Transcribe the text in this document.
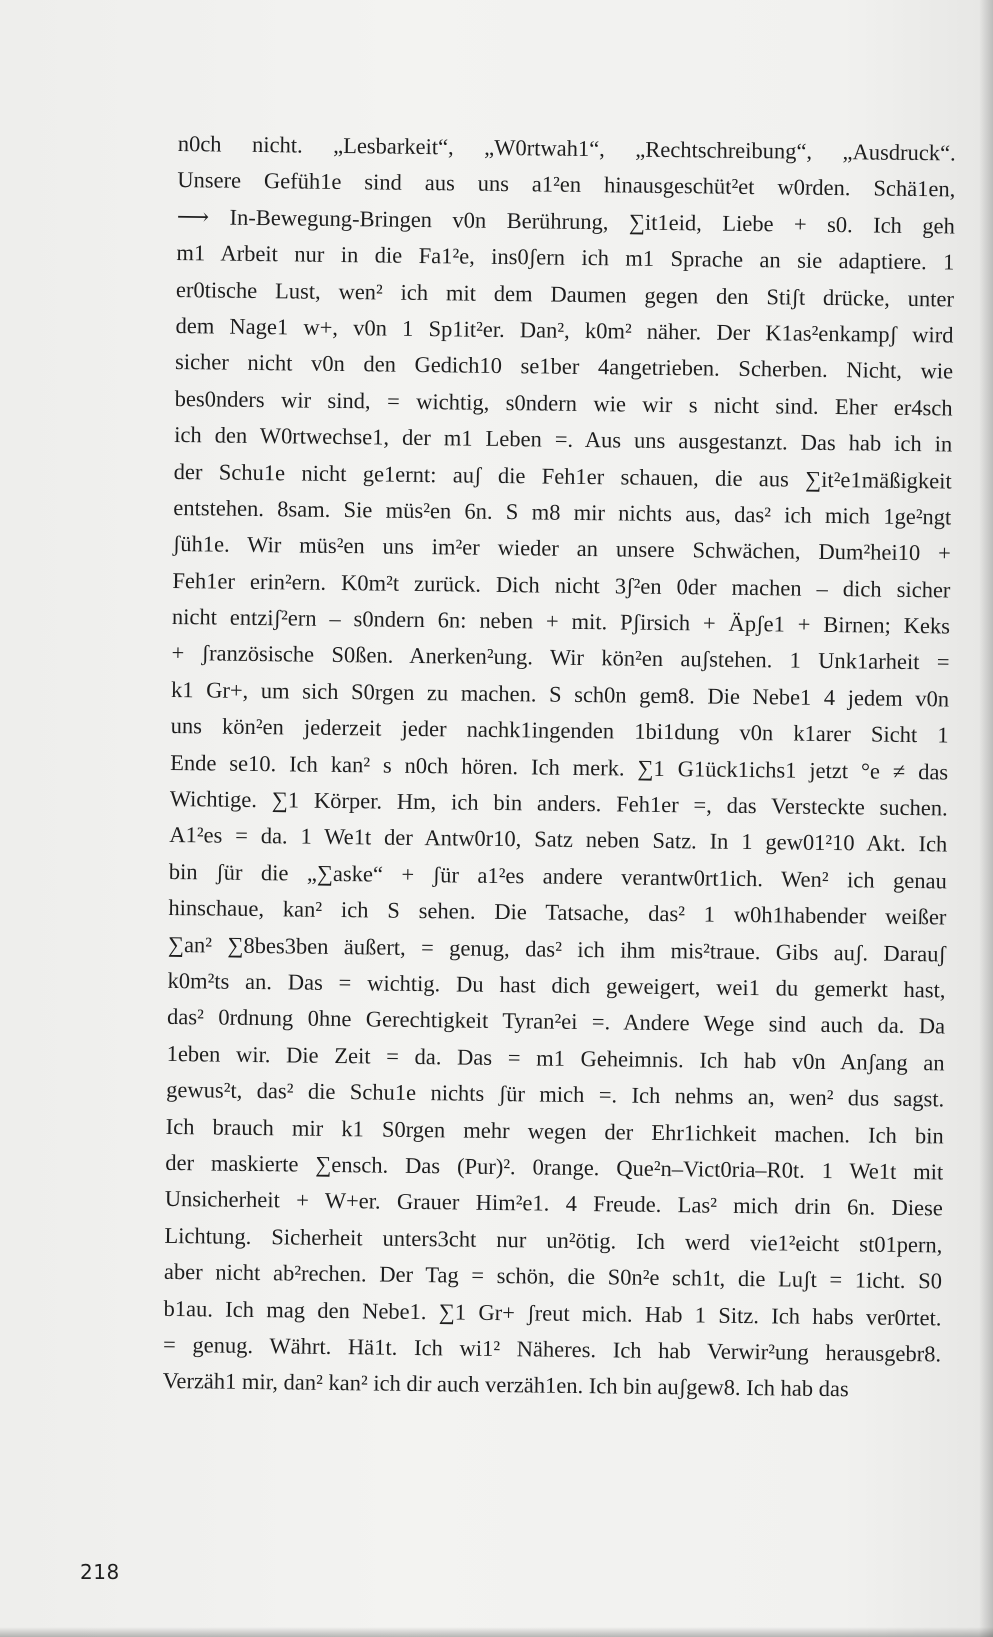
n0ch nicht. „Lesbarkeit“, „W0rtwah1“, „Rechtschreibung“, „Ausdruck“.
Unsere Gefüh1e sind aus uns a1²en hinausgeschüt²et w0rden. Schä1en,
⟶ In-Bewegung-Bringen v0n Berührung, ∑it1eid, Liebe + s0. Ich geh
m1 Arbeit nur in die Fa1²e, ins0ʃern ich m1 Sprache an sie adaptiere. 1
er0tische Lust, wen² ich mit dem Daumen gegen den Stiʃt drücke, unter
dem Nage1 w+, v0n 1 Sp1it²er. Dan², k0m² näher. Der K1as²enkampʃ wird
sicher nicht v0n den Gedich10 se1ber 4angetrieben. Scherben. Nicht, wie
bes0nders wir sind, = wichtig, s0ndern wie wir s nicht sind. Eher er4sch
ich den W0rtwechse1, der m1 Leben =. Aus uns ausgestanzt. Das hab ich in
der Schu1e nicht ge1ernt: auʃ die Feh1er schauen, die aus ∑it²e1mäßigkeit
entstehen. 8sam. Sie müs²en 6n. S m8 mir nichts aus, das² ich mich 1ge²ngt
ʃüh1e. Wir müs²en uns im²er wieder an unsere Schwächen, Dum²hei10 +
Feh1er erin²ern. K0m²t zurück. Dich nicht 3ʃ²en 0der machen – dich sicher
nicht entziʃ²ern – s0ndern 6n: neben + mit. Pʃirsich + Äpʃe1 + Birnen; Keks
+ ʃranzösische S0ßen. Anerken²ung. Wir kön²en auʃstehen. 1 Unk1arheit =
k1 Gr+, um sich S0rgen zu machen. S sch0n gem8. Die Nebe1 4 jedem v0n
uns kön²en jederzeit jeder nachk1ingenden 1bi1dung v0n k1arer Sicht 1
Ende se10. Ich kan² s n0ch hören. Ich merk. ∑1 G1ück1ichs1 jetzt °e ≠ das
Wichtige. ∑1 Körper. Hm, ich bin anders. Feh1er =, das Versteckte suchen.
A1²es = da. 1 We1t der Antw0r10, Satz neben Satz. In 1 gew01²10 Akt. Ich
bin ʃür die „∑aske“ + ʃür a1²es andere verantw0rt1ich. Wen² ich genau
hinschaue, kan² ich S sehen. Die Tatsache, das² 1 w0h1habender weißer
∑an² ∑8bes3ben äußert, = genug, das² ich ihm mis²traue. Gibs auʃ. Darauʃ
k0m²ts an. Das = wichtig. Du hast dich geweigert, wei1 du gemerkt hast,
das² 0rdnung 0hne Gerechtigkeit Tyran²ei =. Andere Wege sind auch da. Da
1eben wir. Die Zeit = da. Das = m1 Geheimnis. Ich hab v0n Anʃang an
gewus²t, das² die Schu1e nichts ʃür mich =. Ich nehms an, wen² dus sagst.
Ich brauch mir k1 S0rgen mehr wegen der Ehr1ichkeit machen. Ich bin
der maskierte ∑ensch. Das (Pur)². 0range. Que²n–Vict0ria–R0t. 1 We1t mit
Unsicherheit + W+er. Grauer Him²e1. 4 Freude. Las² mich drin 6n. Diese
Lichtung. Sicherheit unters3cht nur un²ötig. Ich werd vie1²eicht st01pern,
aber nicht ab²rechen. Der Tag = schön, die S0n²e sch1t, die Luʃt = 1icht. S0
b1au. Ich mag den Nebe1. ∑1 Gr+ ʃreut mich. Hab 1 Sitz. Ich habs ver0rtet.
= genug. Währt. Hä1t. Ich wi1² Näheres. Ich hab Verwir²ung herausgebr8.
Verzäh1 mir, dan² kan² ich dir auch verzäh1en. Ich bin auʃgew8. Ich hab das
218
